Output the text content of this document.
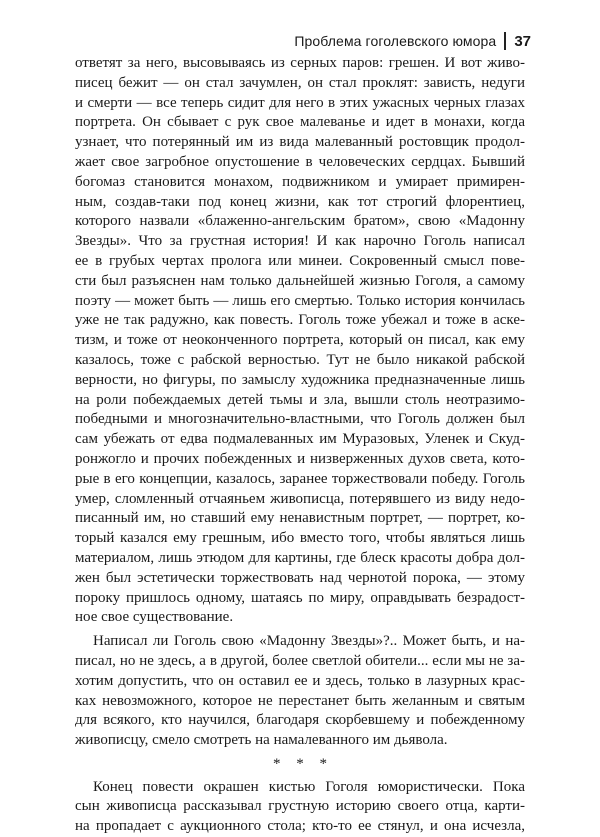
Проблема гоголевского юмора 37
ответят за него, высовываясь из серных паров: грешен. И вот живо-
писец бежит — он стал зачумлен, он стал проклят: зависть, недуги
и смерти — все теперь сидит для него в этих ужасных черных глазах
портрета. Он сбывает с рук свое малеванье и идет в монахи, когда
узнает, что потерянный им из вида малеванный ростовщик продол-
жает свое загробное опустошение в человеческих сердцах. Бывший
богомаз становится монахом, подвижником и умирает примирен-
ным, создав-таки под конец жизни, как тот строгий флорентиец,
которого назвали «блаженно-ангельским братом», свою «Мадонну
Звезды». Что за грустная история! И как нарочно Гоголь написал
ее в грубых чертах пролога или минеи. Сокровенный смысл пове-
сти был разъяснен нам только дальнейшей жизнью Гоголя, а самому
поэту — может быть — лишь его смертью. Только история кончилась
уже не так радужно, как повесть. Гоголь тоже убежал и тоже в аске-
тизм, и тоже от неоконченного портрета, который он писал, как ему
казалось, тоже с рабской верностью. Тут не было никакой рабской
верности, но фигуры, по замыслу художника предназначенные лишь
на роли побеждаемых детей тьмы и зла, вышли столь неотразимо-
победными и многозначительно-властными, что Гоголь должен был
сам убежать от едва подмалеванных им Муразовых, Уленек и Скуд-
ронжогло и прочих побежденных и низверженных духов света, кото-
рые в его концепции, казалось, заранее торжествовали победу. Гоголь
умер, сломленный отчаяньем живописца, потерявшего из виду недо-
писанный им, но ставший ему ненавистным портрет, — портрет, ко-
торый казался ему грешным, ибо вместо того, чтобы являться лишь
материалом, лишь этюдом для картины, где блеск красоты добра дол-
жен был эстетически торжествовать над чернотой порока, — этому
пороку пришлось одному, шатаясь по миру, оправдывать безрадост-
ное свое существование.
Написал ли Гоголь свою «Мадонну Звезды»?.. Может быть, и на-
писал, но не здесь, а в другой, более светлой обители... если мы не за-
хотим допустить, что он оставил ее и здесь, только в лазурных крас-
ках невозможного, которое не перестанет быть желанным и святым
для всякого, кто научился, благодаря скорбевшему и побежденному
живописцу, смело смотреть на намалеванного им дьявола.
* * *
Конец повести окрашен кистью Гоголя юмористически. Пока
сын живописца рассказывал грустную историю своего отца, карти-
на пропадает с аукционного стола; кто-то ее стянул, и она исчезла,
